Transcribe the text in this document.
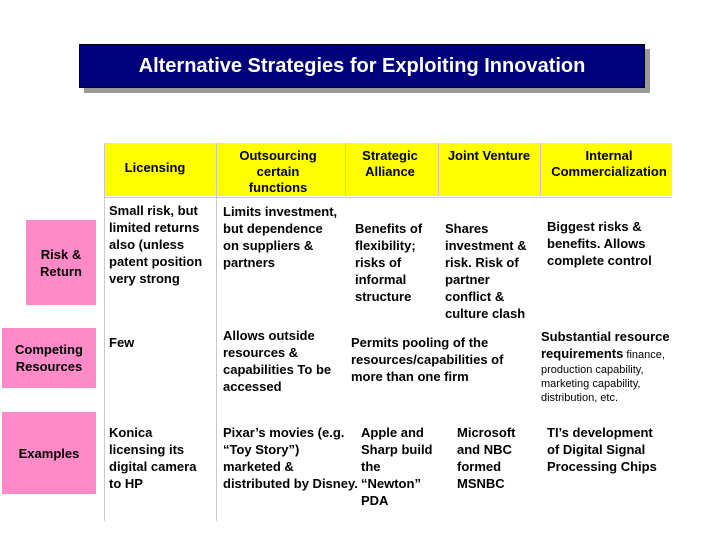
Alternative Strategies for Exploiting Innovation
Licensing
Outsourcing certain functions
Strategic Alliance
Joint Venture	Internal Commercialization
Risk & Return
Competing Resources
Examples
Small risk, but limited returns also (unless patent position very strong
Limits investment, but dependence on suppliers & partners
Benefits of flexibility; risks of informal structure
Shares investment & risk. Risk of partner conflict & culture clash
Biggest risks & benefits. Allows complete control
Few	Allows outside resources & capabilities To be accessed
Permits pooling of the resources/capabilities of more than one firm
Substantial resource requirements finance,
production capability, marketing capability, distribution, etc.
Konica licensing its digital camera to HP
Pixar’s movies (e.g. “Toy Story”) marketed & distributed by Disney.
Apple and Sharp build the “Newton” PDA
Microsoft and NBC formed MSNBC
TI’s development of Digital Signal Processing Chips
